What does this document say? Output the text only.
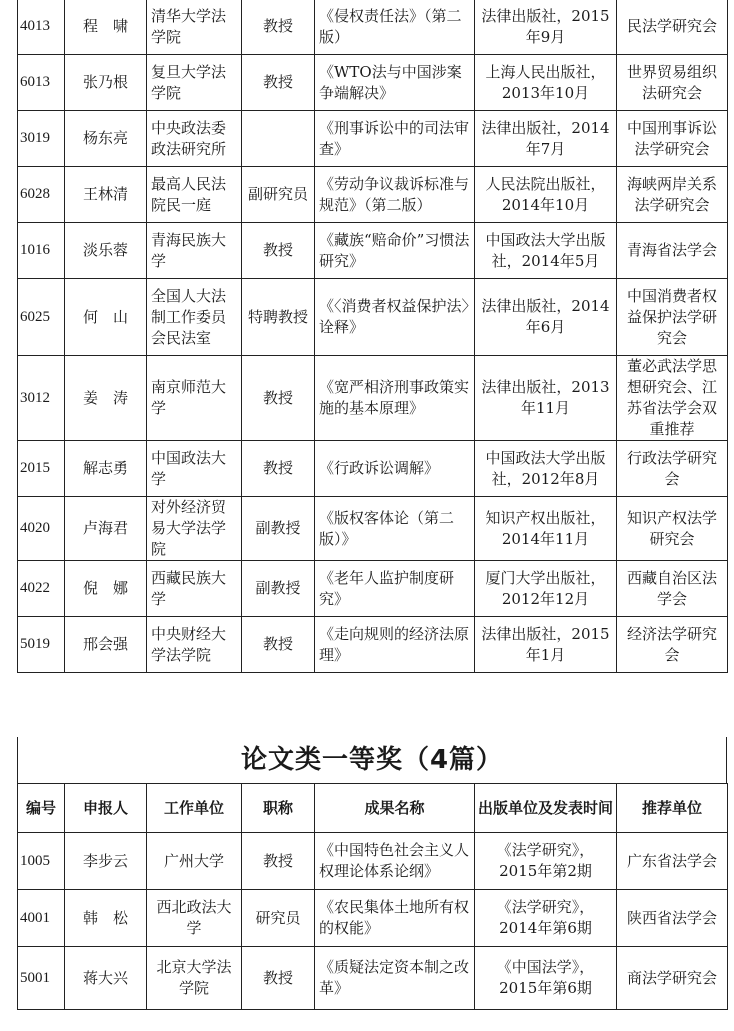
4013	程　啸	清华大学法学院	教授	《侵权责任法》（第二版）	法律出版社，2015年9月	民法学研究会
6013	张乃根	复旦大学法学院	教授	《WTO法与中国涉案争端解决》	上海人民出版社，2013年10月	世界贸易组织法研究会
3019	杨东亮	中央政法委政法研究所		《刑事诉讼中的司法审查》	法律出版社，2014年7月	中国刑事诉讼法学研究会
6028	王林清	最高人民法院民一庭	副研究员	《劳动争议裁诉标准与规范》（第二版）	人民法院出版社，2014年10月	海峡两岸关系法学研究会
1016	淡乐蓉	青海民族大学	教授	《藏族“赔命价”习惯法研究》	中国政法大学出版社，2014年5月	青海省法学会
6025	何　山	全国人大法制工作委员会民法室	特聘教授	《〈消费者权益保护法〉诠释》	法律出版社，2014年6月	中国消费者权益保护法学研究会
3012	姜　涛	南京师范大学	教授	《宽严相济刑事政策实施的基本原理》	法律出版社，2013年11月	董必武法学思想研究会、江苏省法学会双重推荐
2015	解志勇	中国政法大学	教授	《行政诉讼调解》	中国政法大学出版社，2012年8月	行政法学研究会
4020	卢海君	对外经济贸易大学法学院	副教授	《版权客体论（第二版）》	知识产权出版社，2014年11月	知识产权法学研究会
4022	倪　娜	西藏民族大学	副教授	《老年人监护制度研究》	厦门大学出版社，2012年12月	西藏自治区法学会
5019	邢会强	中央财经大学法学院	教授	《走向规则的经济法原理》	法律出版社，2015年1月	经济法学研究会
论文类一等奖（4篇）
编号	申报人	工作单位	职称	成果名称	出版单位及发表时间	推荐单位
1005	李步云	广州大学	教授	《中国特色社会主义人权理论体系论纲》	《法学研究》，2015年第2期	广东省法学会
4001	韩　松	西北政法大学	研究员	《农民集体土地所有权的权能》	《法学研究》，2014年第6期	陕西省法学会
5001	蒋大兴	北京大学法学院	教授	《质疑法定资本制之改革》	《中国法学》，2015年第6期	商法学研究会
